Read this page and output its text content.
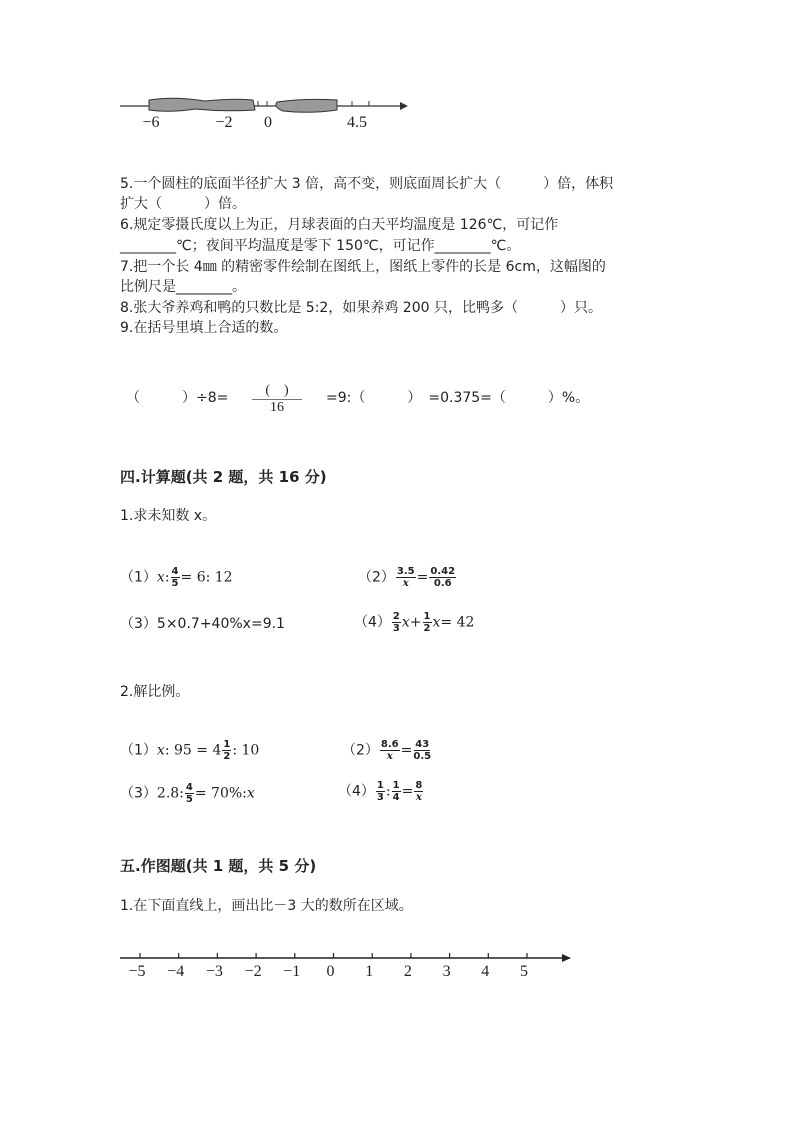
−6	−2 0	4.5
5.一个圆柱的底面半径扩大 3 倍，高不变，则底面周长扩大（　　　）倍，体积
扩大（　　　）倍。
6.规定零摄氏度以上为正，月球表面的白天平均温度是 126℃，可记作
________℃；夜间平均温度是零下 150℃，可记作________℃。
7.把一个长 4㎜ 的精密零件绘制在图纸上，图纸上零件的长是 6cm，这幅图的
比例尺是________。
8.张大爷养鸡和鸭的只数比是 5:2，如果养鸡 200 只，比鸭多（　　　）只。
9.在括号里填上合适的数。
（　　　）÷8=	(　)
16
=9:（　　　）　=0.375=（　　　）%。
四.计算题(共 2 题，共 16 分)
1.求未知数 x。
（1）x: $\frac{4}{5} = 6$: 12	$(2) \frac{3.5}{x} = \frac{0.42}{0.6}$
（3）5×0.7+40%x=9.1	$(4) \frac{2}{3} x+ \frac{1}{2} x= 42$
2.解比例。
（1）x: $95 = 4 \frac{1}{2}$ : 10	$(2) \frac{8.6}{x} = \frac{43}{0.5}$
（3）2.8: $\frac{4}{5}$ = 70%:x	$(4) \frac{1}{3}$ : $\frac{1}{4} = \frac{8}{x}$
五.作图题(共 1 题，共 5 分)
1.在下面直线上，画出比－3 大的数所在区域。
−5 −4 −3 −2 −1 0 1 2 3 4 5
